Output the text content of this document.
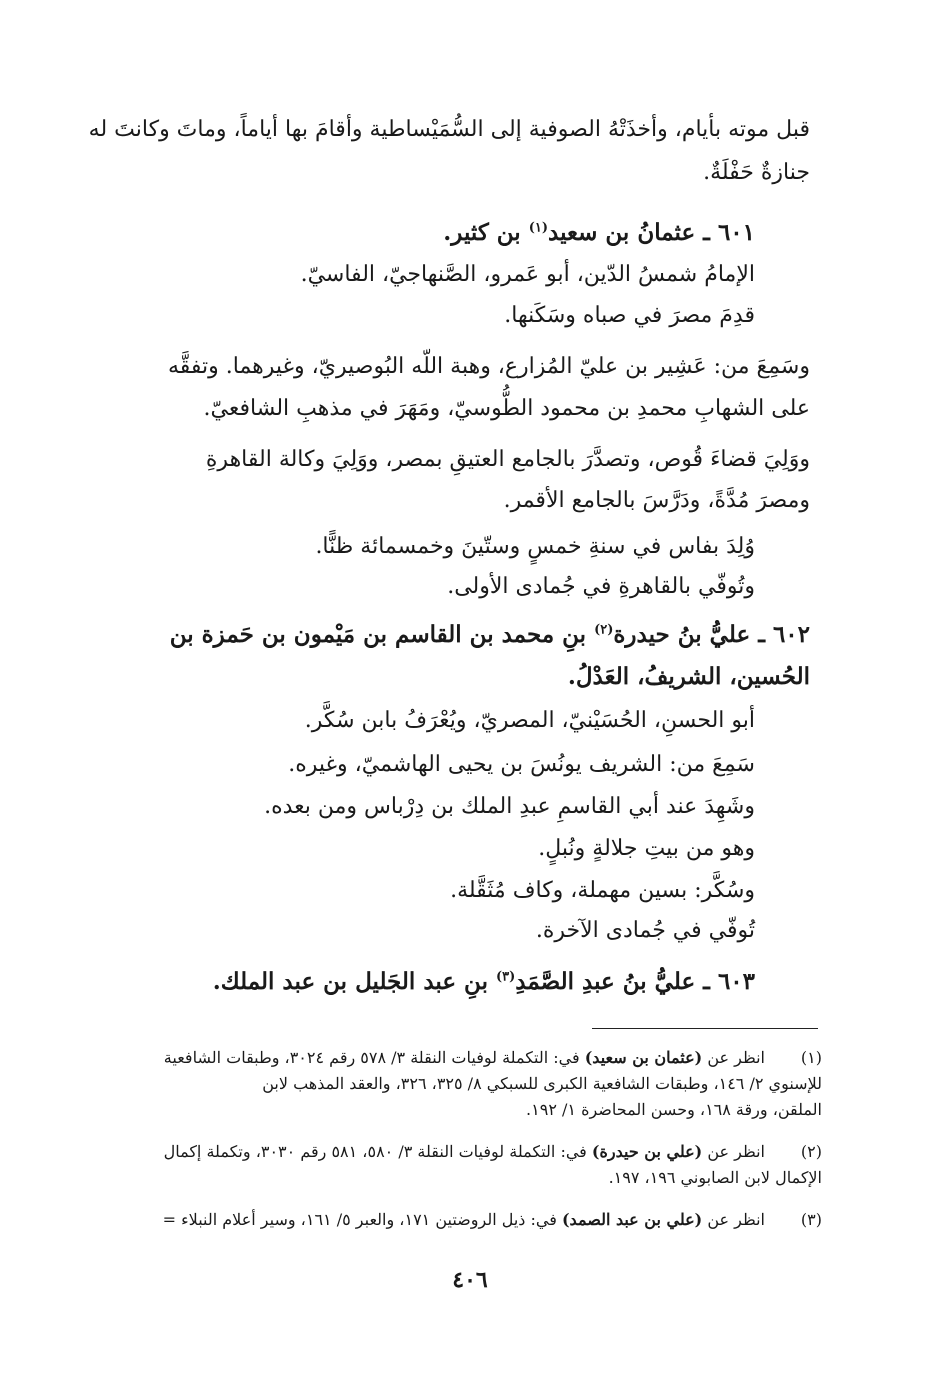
قبل موته بأيام، وأخذَتْهُ الصوفية إلى السُّمَيْساطية وأقامَ بها أياماً، وماتَ وكانتَ له
جنازةٌ حَفْلَةٌ.
٦٠١ ـ عثمانُ بن سعيد$^{(١)}$ بن كثير.
الإمامُ شمسُ الدّين، أبو عَمرو، الصَّنهاجيّ، الفاسيّ.
قدِمَ مصرَ في صباه وسَكَنها.
وسَمِعَ من: عَشِير بن عليّ المُزارع، وهبة اللّه البُوصيريّ، وغيرهما. وتفقَّه
على الشهابِ محمدِ بن محمود الطُّوسيّ، ومَهَرَ في مذهبِ الشافعيّ.
ووَلِيَ قضاءَ قُوص، وتصدَّرَ بالجامع العتيقِ بمصر، ووَلِيَ وكالة القاهرةِ
ومصرَ مُدَّةً، ودَرَّسَ بالجامع الأقمر.
وُلِدَ بفاس في سنةِ خمسٍ وستّينَ وخمسمائة ظنًّا.
وتُوفّي بالقاهرةِ في جُمادى الأولى.
٦٠٢ ـ عليُّ بنُ حيدرة$^{(٢)}$ بنِ محمد بن القاسم بن مَيْمون بن حَمزة بن
الحُسين، الشريفُ، العَدْلُ.
أبو الحسنِ، الحُسَيْنيّ، المصريّ، ويُعْرَفُ بابن سُكَّر.
سَمِعَ من: الشريف يونُسَ بن يحيى الهاشميّ، وغيره.
وشَهِدَ عند أبي القاسمِ عبدِ الملك بن دِرْباس ومن بعده.
وهو من بيتِ جلالةٍ ونُبلٍ.
وسُكَّر: بسين مهملة، وكاف مُثَقَّلة.
تُوفّي في جُمادى الآخرة.
٦٠٣ ـ عليُّ بنُ عبدِ الصَّمَدِ$^{(٣)}$ بنِ عبد الجَليل بن عبد الملك.
(١)
انظر عن (عثمان بن سعيد) في: التكملة لوفيات النقلة ٣/ ٥٧٨ رقم ٣٠٢٤، وطبقات الشافعية
للإسنوي ٢/ ١٤٦، وطبقات الشافعية الكبرى للسبكي ٨/ ٣٢٥، ٣٢٦، والعقد المذهب لابن
الملقن، ورقة ١٦٨، وحسن المحاضرة ١/ ١٩٢.
(٢)
انظر عن (علي بن حيدرة) في: التكملة لوفيات النقلة ٣/ ٥٨٠، ٥٨١ رقم ٣٠٣٠، وتكملة إكمال
الإكمال لابن الصابوني ١٩٦، ١٩٧.
(٣)
انظر عن (علي بن عبد الصمد) في: ذيل الروضتين ١٧١، والعبر ٥/ ١٦١، وسير أعلام النبلاء =
٤٠٦
